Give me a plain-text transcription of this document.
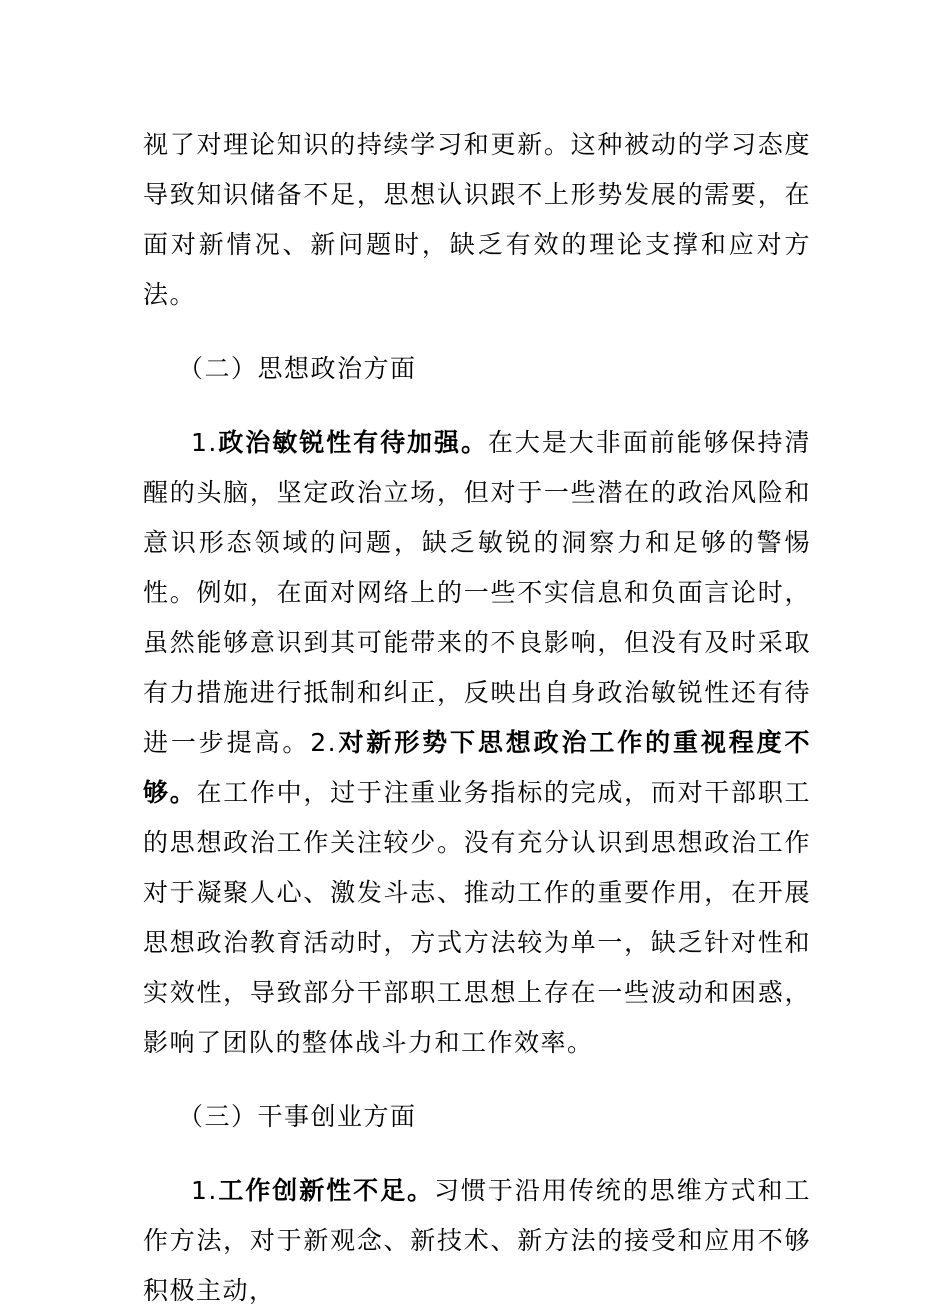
视了对理论知识的持续学习和更新。这种被动的学习态度导致知识储备不足，思想认识跟不上形势发展的需要，在面对新情况、新问题时，缺乏有效的理论支撑和应对方法。

（二）思想政治方面

1.政治敏锐性有待加强。在大是大非面前能够保持清醒的头脑，坚定政治立场，但对于一些潜在的政治风险和意识形态领域的问题，缺乏敏锐的洞察力和足够的警惕性。例如，在面对网络上的一些不实信息和负面言论时，虽然能够意识到其可能带来的不良影响，但没有及时采取有力措施进行抵制和纠正，反映出自身政治敏锐性还有待进一步提高。2.对新形势下思想政治工作的重视程度不够。在工作中，过于注重业务指标的完成，而对干部职工的思想政治工作关注较少。没有充分认识到思想政治工作对于凝聚人心、激发斗志、推动工作的重要作用，在开展思想政治教育活动时，方式方法较为单一，缺乏针对性和实效性，导致部分干部职工思想上存在一些波动和困惑，影响了团队的整体战斗力和工作效率。

（三）干事创业方面

1.工作创新性不足。习惯于沿用传统的思维方式和工作方法，对于新观念、新技术、新方法的接受和应用不够积极主动，
